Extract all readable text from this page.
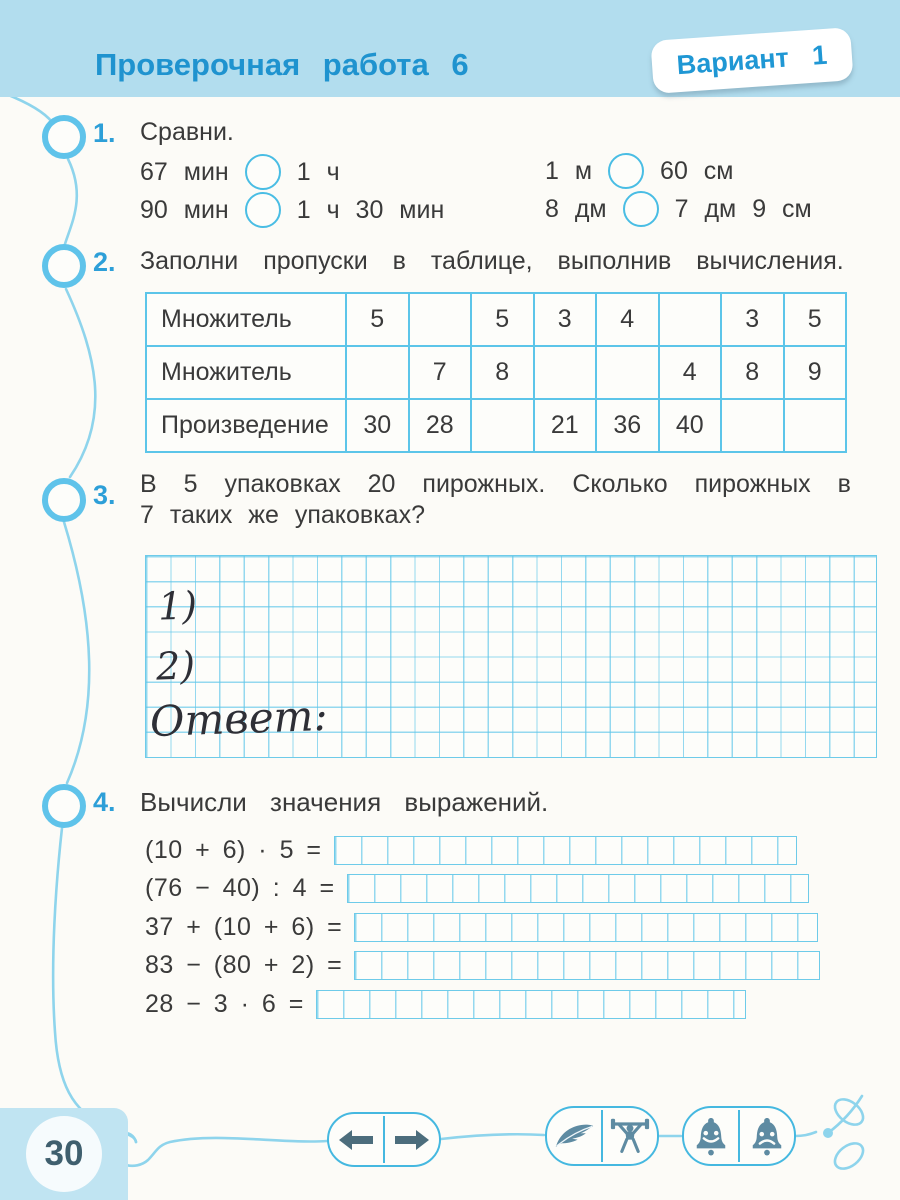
Проверочная работа 6	Вариант 1
1. Сравни.
67 мин	1 ч
90 мин	1 ч 30 мин
1 м	60 см
8 дм	7 дм 9 см
2. Заполни пропуски в таблице, выполнив вычисления.
Множитель	5		5	3	4		3	5
Множитель		7	8			4	8	9
Произведение	30	28		21	36	40		
3. В 5 упаковках 20 пирожных. Сколько пирожных в
7 таких же упаковках?
1)
2)
Ответ:
4. Вычисли значения выражений.
(10 + 6) · 5 =
(76 − 40) : 4 =
37 + (10 + 6) =
83 − (80 + 2) =
28 − 3 · 6 =
30
